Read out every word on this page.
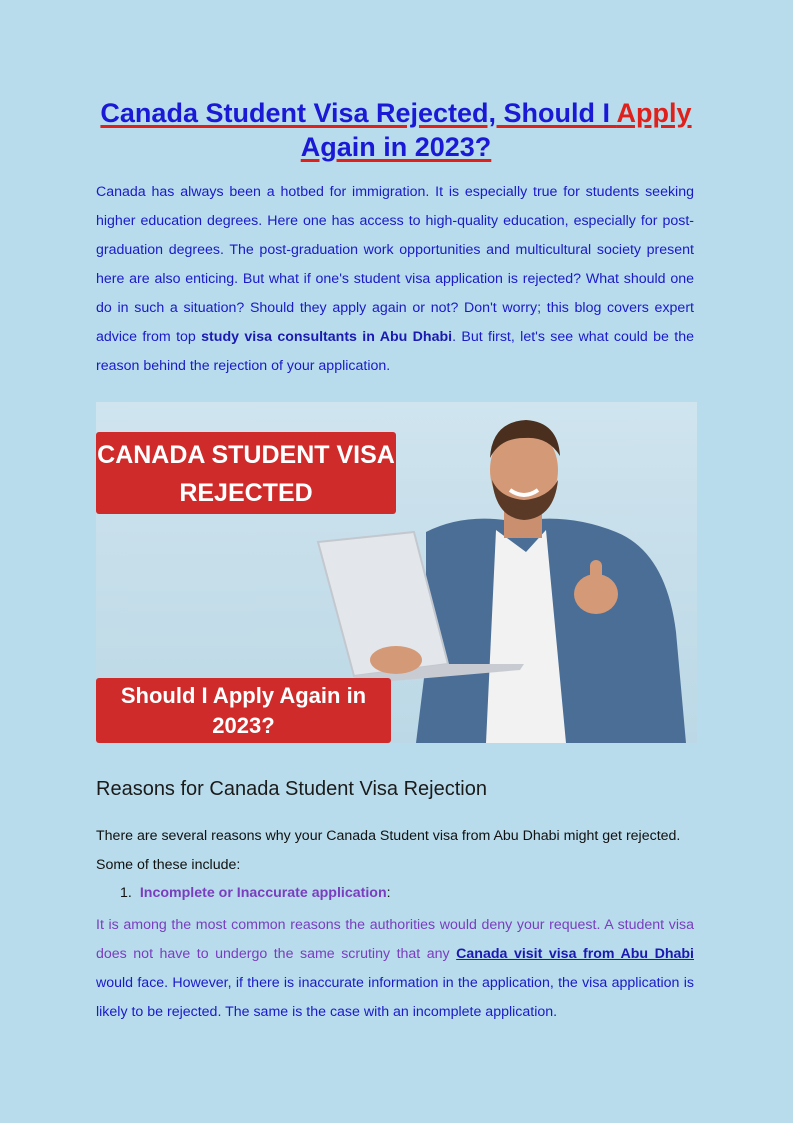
Canada Student Visa Rejected, Should I Apply
Again in 2023?

Canada has always been a hotbed for immigration. It is especially true for students seeking higher education degrees. Here one has access to high-quality education, especially for post-graduation degrees. The post-graduation work opportunities and multicultural society present here are also enticing. But what if one's student visa application is rejected? What should one do in such a situation? Should they apply again or not? Don't worry; this blog covers expert advice from top study visa consultants in Abu Dhabi. But first, let's see what could be the reason behind the rejection of your application.

CANADA STUDENT VISA REJECTED
Should I Apply Again in 2023?
Reasons for Canada Student Visa Rejection

There are several reasons why your Canada Student visa from Abu Dhabi might get rejected. Some of these include:

1. Incomplete or Inaccurate application:

It is among the most common reasons the authorities would deny your request. A student visa does not have to undergo the same scrutiny that any Canada visit visa from Abu Dhabi would face. However, if there is inaccurate information in the application, the visa application is likely to be rejected. The same is the case with an incomplete application.
